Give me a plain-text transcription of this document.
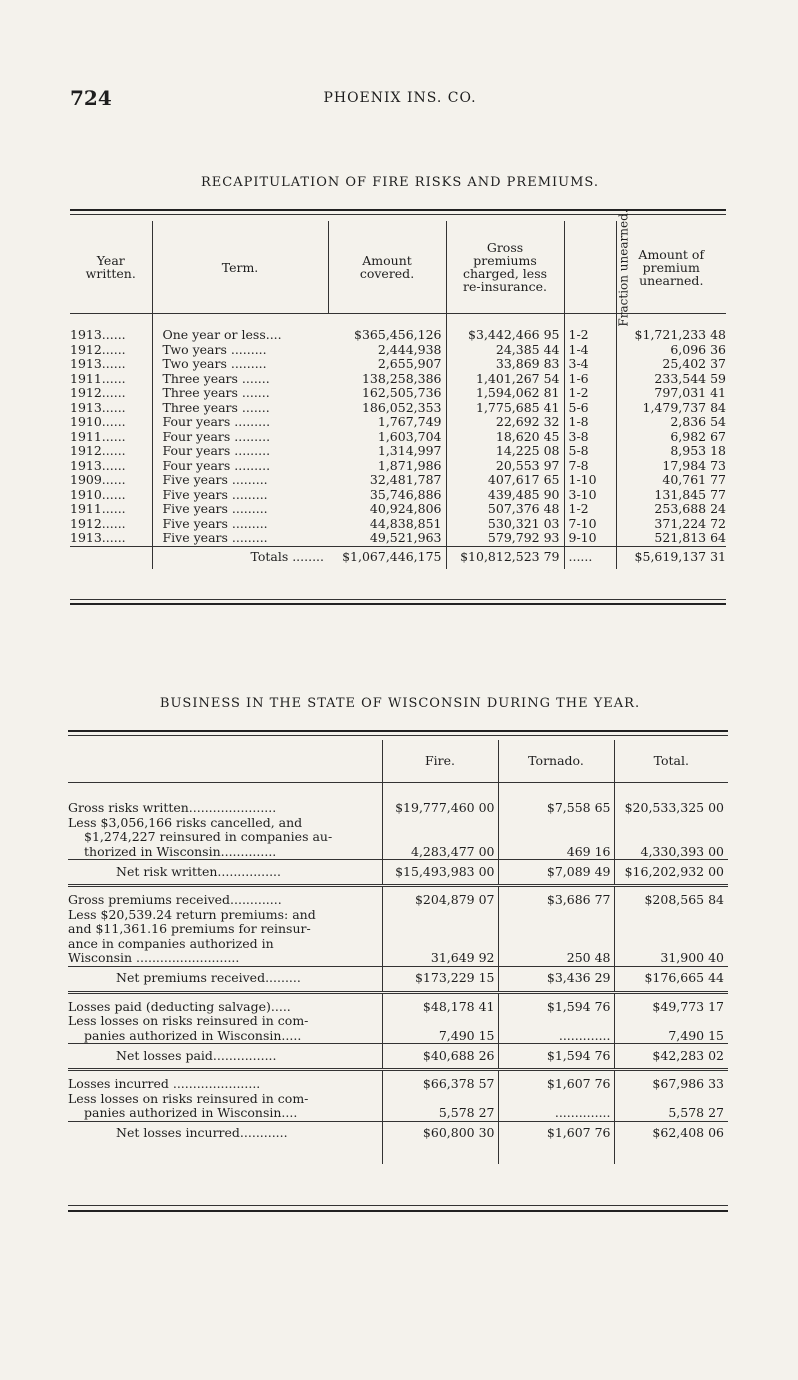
724	PHOENIX INS. CO.
RECAPITULATION OF FIRE RISKS AND PREMIUMS.
Year written.	Term.	Amount covered.	Gross premiums charged, less re-insurance.	Fraction unearned.	Amount of premium unearned.

1913......	One year or less....	$365,456,126	$3,442,466 95	1-2	$1,721,233 48
1912......	Two years .........	2,444,938	24,385 44	1-4	6,096 36
1913......	Two years .........	2,655,907	33,869 83	3-4	25,402 37
1911......	Three years .......	138,258,386	1,401,267 54	1-6	233,544 59
1912......	Three years .......	162,505,736	1,594,062 81	1-2	797,031 41
1913......	Three years .......	186,052,353	1,775,685 41	5-6	1,479,737 84
1910......	Four years .........	1,767,749	22,692 32	1-8	2,836 54
1911......	Four years .........	1,603,704	18,620 45	3-8	6,982 67
1912......	Four years .........	1,314,997	14,225 08	5-8	8,953 18
1913......	Four years .........	1,871,986	20,553 97	7-8	17,984 73
1909......	Five years .........	32,481,787	407,617 65	1-10	40,761 77
1910......	Five years .........	35,746,886	439,485 90	3-10	131,845 77
1911......	Five years .........	40,924,806	507,376 48	1-2	253,688 24
1912......	Five years .........	44,838,851	530,321 03	7-10	371,224 72
1913......	Five years .........	49,521,963	579,792 93	9-10	521,813 64
	Totals ........	$1,067,446,175	$10,812,523 79	......	$5,619,137 31
BUSINESS IN THE STATE OF WISCONSIN DURING THE YEAR.
	Fire.	Tornado.	Total.

Gross risks written......................	$19,777,460 00	$7,558 65	$20,533,325 00

Less $3,056,166 risks cancelled, and
$1,274,227 reinsured in companies au-
thorized in Wisconsin..............	4,283,477 00	469 16	4,330,393 00
Net risk written................	$15,493,983 00	$7,089 49	$16,202,932 00
Gross premiums received.............	$204,879 07	$3,686 77	$208,565 84

Less $20,539.24 return premiums: and
and $11,361.16 premiums for reinsur-
ance in companies authorized in
Wisconsin ..........................	31,649 92	250 48	31,900 40
Net premiums received.........	$173,229 15	$3,436 29	$176,665 44
Losses paid (deducting salvage).....	$48,178 41	$1,594 76	$49,773 17

Less losses on risks reinsured in com-
panies authorized in Wisconsin.....	7,490 15	.............	7,490 15
Net losses paid................	$40,688 26	$1,594 76	$42,283 02
Losses incurred ......................	$66,378 57	$1,607 76	$67,986 33

Less losses on risks reinsured in com-
panies authorized in Wisconsin....	5,578 27	..............	5,578 27
Net losses incurred............	$60,800 30	$1,607 76	$62,408 06
